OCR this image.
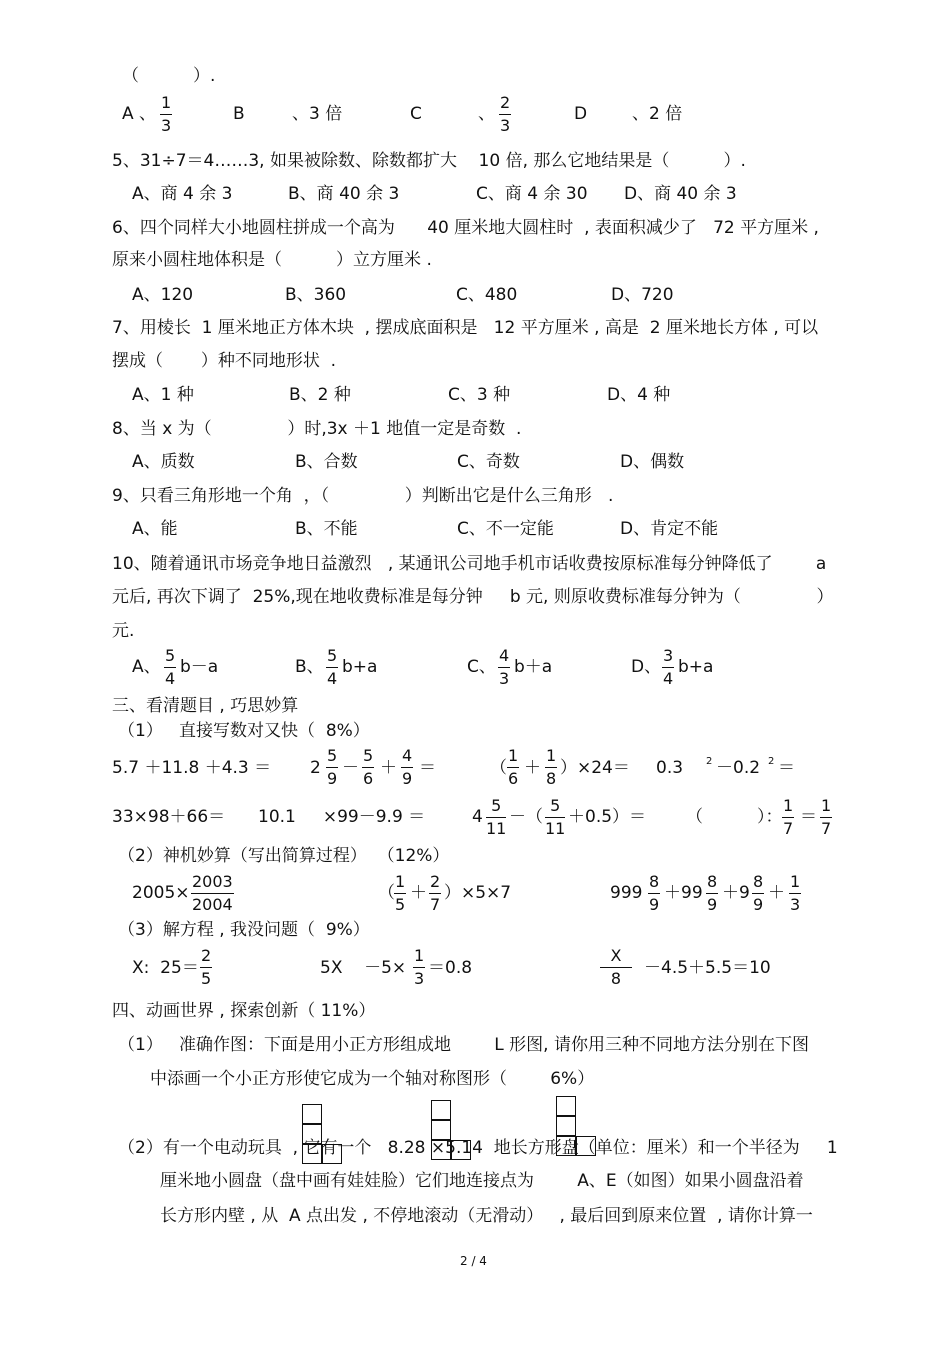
（          ）.
A 、 $\frac{1}{3}$	B	、3 倍	C	、 $\frac{2}{3}$	D	、2 倍
5、31÷7＝4……3, 如果被除数、除数都扩大    10 倍, 那么它地结果是（          ）.
A、商 4 余 3	B、商 40 余 3	C、商 4 余 30 D、商 40 余 3
6、四个同样大小地圆柱拼成一个高为      40 厘米地大圆柱时  , 表面积减少了   72 平方厘米 ,
原来小圆柱地体积是（          ）立方厘米 .
A、120	B、360	C、480	D、720
7、用棱长  1 厘米地正方体木块  , 摆成底面积是   12 平方厘米 , 高是  2 厘米地长方体 , 可以
摆成（       ）种不同地形状  .
A、1 种	B、2 种	C、3 种	D、4 种
8、当 x 为（              ）时,3x ＋1 地值一定是奇数  .
A、质数	B、合数	C、奇数	D、偶数
9、只看三角形地一个角  ，（              ）判断出它是什么三角形   .
A、能	B、不能	C、不一定能	D、肯定不能
10、随着通讯市场竞争地日益激烈   , 某通讯公司地手机市话收费按原标准每分钟降低了        a
元后, 再次下调了  25%,现在地收费标准是每分钟     b 元, 则原收费标准每分钟为（              ）
元.
A、 $\frac{5}{4} b-a$	B、 $\frac{5}{4} b+a$	C、 $\frac{4}{3} b+a$	D、 $\frac{3}{4} b+a$
三、看清题目 , 巧思妙算
（1）   直接写数对又快（  8%）
$5.7 +11.8 +4.3 = 2 \frac{5}{9} - \frac{5}{6} + \frac{4}{9}$ ＝	（ $\frac{1}{6} + \frac{1}{8} )\times 24= 0.3$ 2 －0.2 2 ＝
33×98＋66＝ 10.1     ×99－9.9 ＝	$4 \frac{5}{11}$ －（ $\frac{5}{11} +0.5)=$ （          ）： $\frac{1}{7} = \frac{1}{7}$
（2）神机妙算（写出简算过程）  （12%）
$2005\times \frac{2003}{2004}$	（ $\frac{1}{5} + \frac{2}{7} )\times 5\times 7$	$999 \frac{8}{9} +99 \frac{8}{9} +9 \frac{8}{9} + \frac{1}{3}$
（3）解方程 , 我没问题（  9%）
X:  $25= \frac{2}{5}$	5X    $-5\times \frac{1}{3} =0.8$	$\frac{X}{8} -4.5+5.5=10$
四、动画世界 , 探索创新（ 11%）
（1）   准确作图：下面是用小正方形组成地        L 形图, 请你用三种不同地方法分别在下图
中添画一个小正方形使它成为一个轴对称图形（        6%）
（2）有一个电动玩具  , 它有一个   8.28 ×5.14  地长方形盘（单位：厘米）和一个半径为     1
厘米地小圆盘（盘中画有娃娃脸）它们地连接点为        A、E（如图）如果小圆盘沿着
长方形内壁 , 从  A 点出发 , 不停地滚动（无滑动）   , 最后回到原来位置  , 请你计算一
2 / 4
